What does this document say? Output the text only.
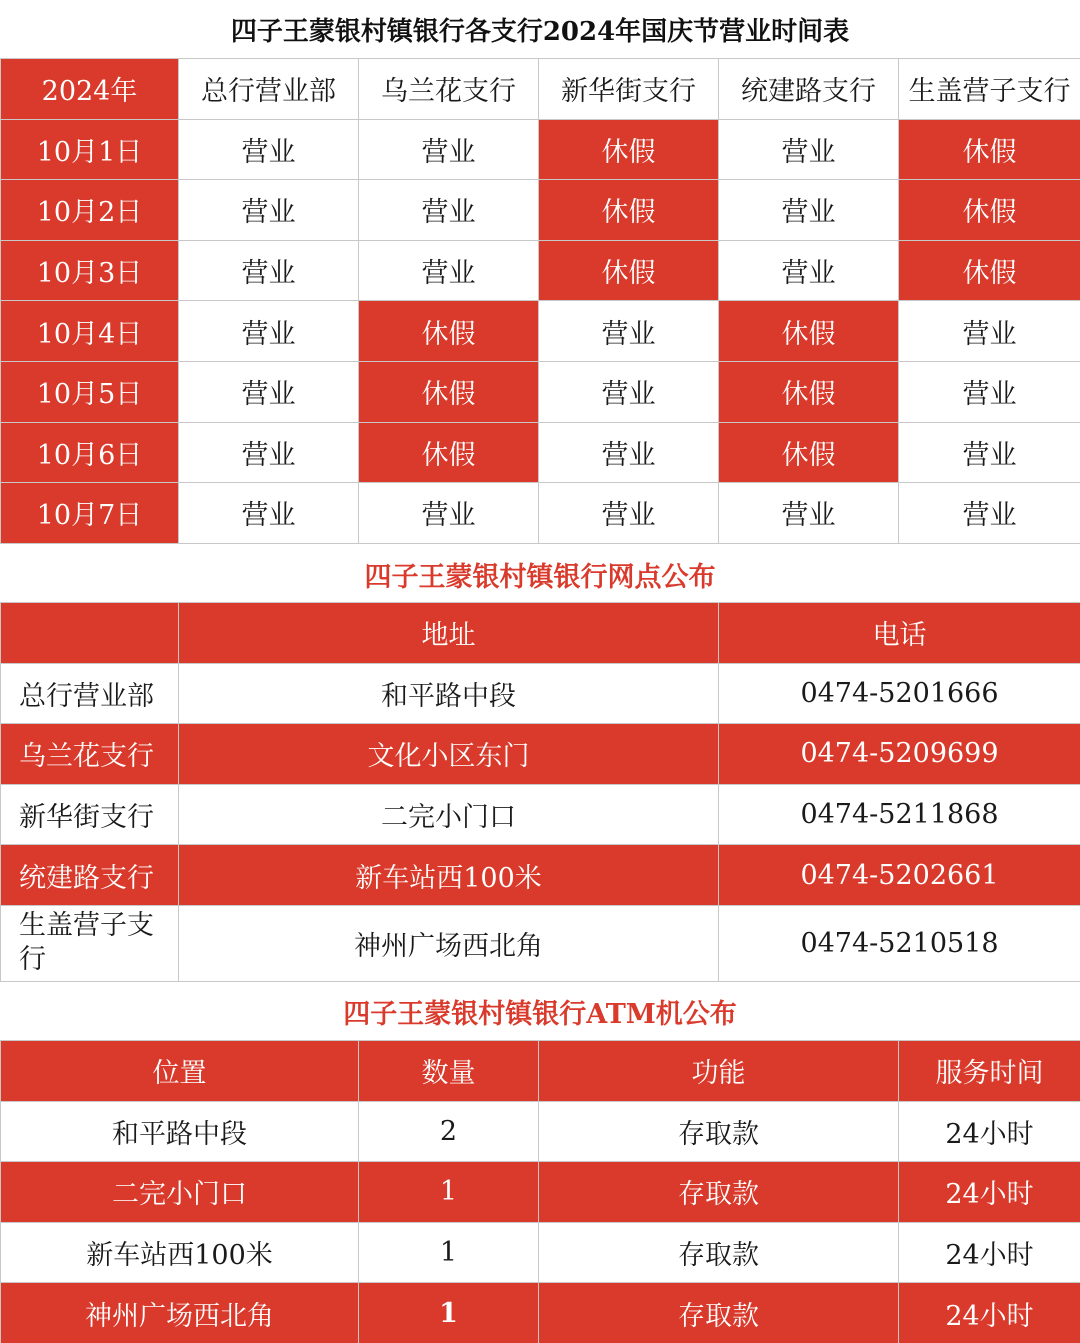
四子王蒙银村镇银行各支行2024年国庆节营业时间表
2024年	总行营业部	乌兰花支行	新华街支行	统建路支行	生盖营子支行
10月1日	营业	营业	休假	营业	休假
10月2日	营业	营业	休假	营业	休假
10月3日	营业	营业	休假	营业	休假
10月4日	营业	休假	营业	休假	营业
10月5日	营业	休假	营业	休假	营业
10月6日	营业	休假	营业	休假	营业
10月7日	营业	营业	营业	营业	营业
四子王蒙银村镇银行网点公布
	地址	电话
总行营业部	和平路中段	0474-5201666
乌兰花支行	文化小区东门	0474-5209699
新华街支行	二完小门口	0474-5211868
统建路支行	新车站西100米	0474-5202661
生盖营子支行	神州广场西北角	0474-5210518
四子王蒙银村镇银行ATM机公布
位置	数量	功能	服务时间
和平路中段	2	存取款	24小时
二完小门口	1	存取款	24小时
新车站西100米	1	存取款	24小时
神州广场西北角	1	存取款	24小时
